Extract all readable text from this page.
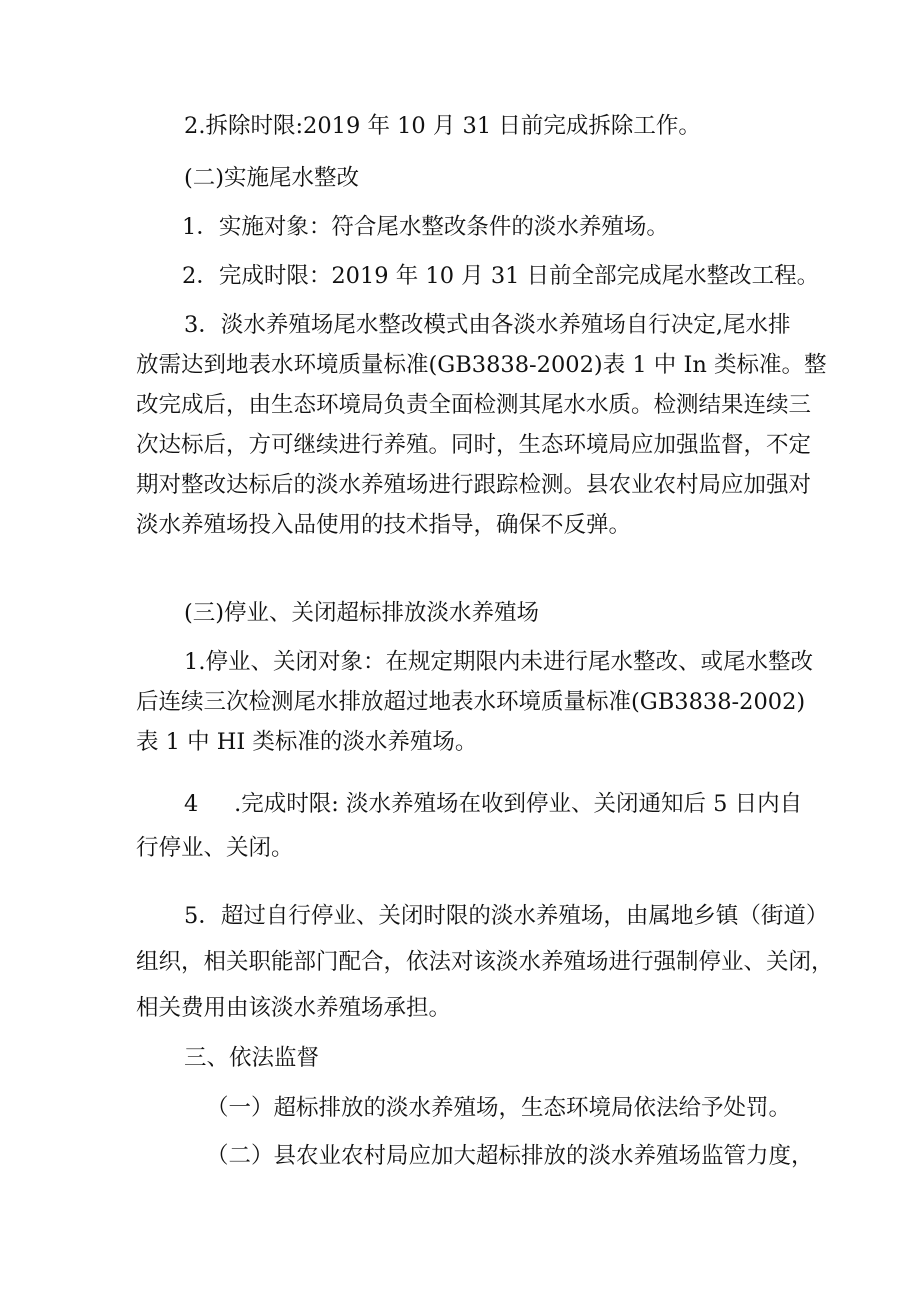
2.拆除时限:2019 年 10 月 31 日前完成拆除工作。

(二)实施尾水整改

1．实施对象：符合尾水整改条件的淡水养殖场。

2．完成时限：2019 年 10 月 31 日前全部完成尾水整改工程。

3．淡水养殖场尾水整改模式由各淡水养殖场自行决定,尾水排
放需达到地表水环境质量标准(GB3838-2002)表 1 中 In 类标准。整
改完成后，由生态环境局负责全面检测其尾水水质。检测结果连续三
次达标后，方可继续进行养殖。同时，生态环境局应加强监督，不定
期对整改达标后的淡水养殖场进行跟踪检测。县农业农村局应加强对
淡水养殖场投入品使用的技术指导，确保不反弹。

(三)停业、关闭超标排放淡水养殖场

1.停业、关闭对象：在规定期限内未进行尾水整改、或尾水整改
后连续三次检测尾水排放超过地表水环境质量标准(GB3838-2002)
表 1 中 HI 类标准的淡水养殖场。

4     .完成时限: 淡水养殖场在收到停业、关闭通知后 5 日内自
行停业、关闭。

5．超过自行停业、关闭时限的淡水养殖场，由属地乡镇（街道）
组织，相关职能部门配合，依法对该淡水养殖场进行强制停业、关闭，
相关费用由该淡水养殖场承担。

三、依法监督

（一）超标排放的淡水养殖场，生态环境局依法给予处罚。

（二）县农业农村局应加大超标排放的淡水养殖场监管力度，
